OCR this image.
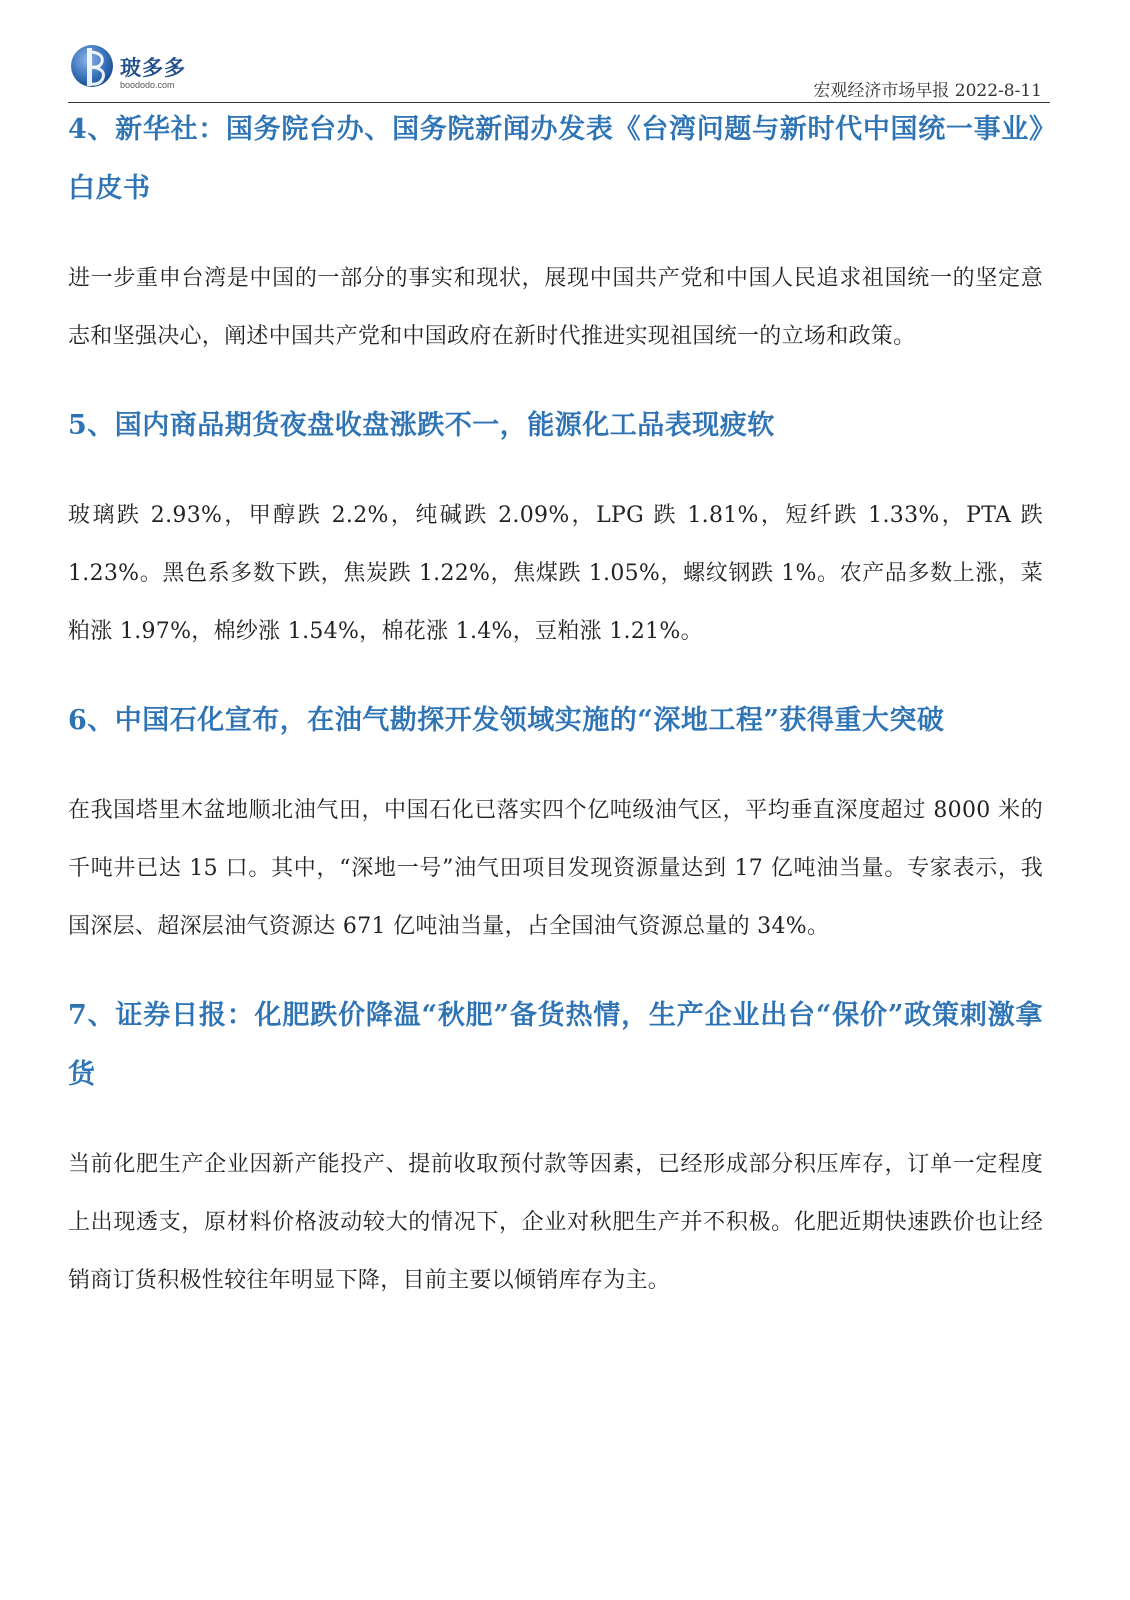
玻多多
boododo.com	宏观经济市场早报 2022-8-11
4、新华社：国务院台办、国务院新闻办发表《台湾问题与新时代中国统一事业》白皮书

进一步重申台湾是中国的一部分的事实和现状，展现中国共产党和中国人民追求祖国统一的坚定意志和坚强决心，阐述中国共产党和中国政府在新时代推进实现祖国统一的立场和政策。

5、国内商品期货夜盘收盘涨跌不一，能源化工品表现疲软

玻璃跌 2.93%，甲醇跌 2.2%，纯碱跌 2.09%，LPG 跌 1.81%，短纤跌 1.33%，PTA 跌 1.23%。黑色系多数下跌，焦炭跌 1.22%，焦煤跌 1.05%，螺纹钢跌 1%。农产品多数上涨，菜粕涨 1.97%，棉纱涨 1.54%，棉花涨 1.4%，豆粕涨 1.21%。

6、中国石化宣布，在油气勘探开发领域实施的“深地工程”获得重大突破

在我国塔里木盆地顺北油气田，中国石化已落实四个亿吨级油气区，平均垂直深度超过 8000 米的千吨井已达 15 口。其中，“深地一号”油气田项目发现资源量达到 17 亿吨油当量。专家表示，我国深层、超深层油气资源达 671 亿吨油当量，占全国油气资源总量的 34%。

7、证券日报：化肥跌价降温“秋肥”备货热情，生产企业出台“保价”政策刺激拿货

当前化肥生产企业因新产能投产、提前收取预付款等因素，已经形成部分积压库存，订单一定程度上出现透支，原材料价格波动较大的情况下，企业对秋肥生产并不积极。化肥近期快速跌价也让经销商订货积极性较往年明显下降，目前主要以倾销库存为主。
